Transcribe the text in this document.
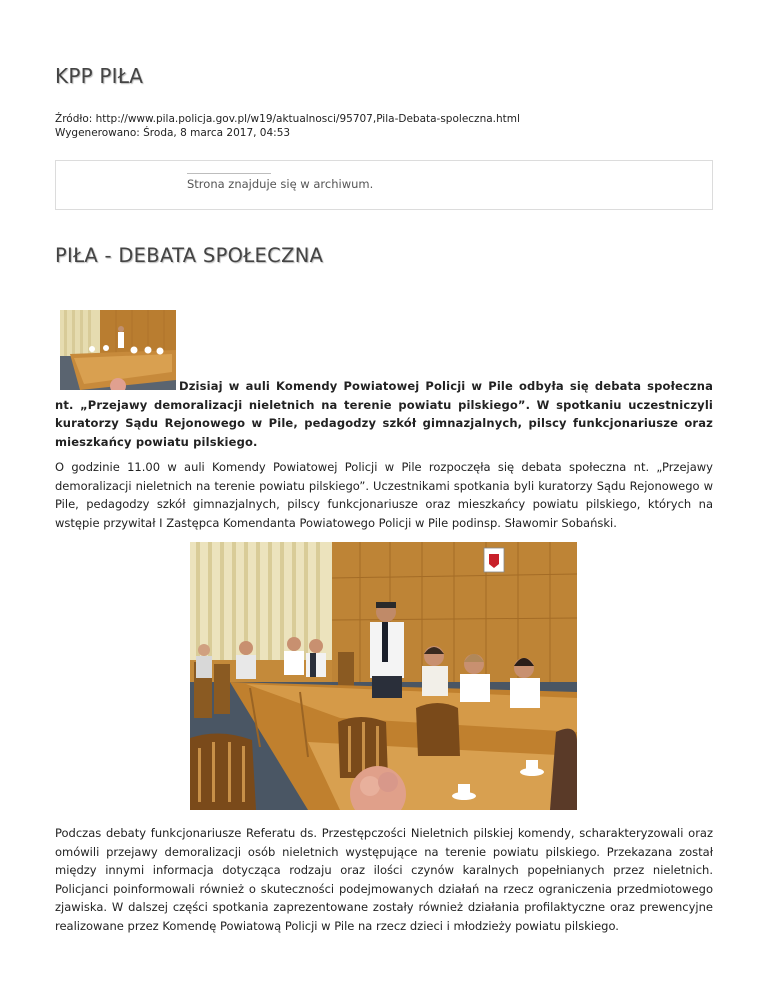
KPP PIŁA
Źródło: http://www.pila.policja.gov.pl/w19/aktualnosci/95707,Pila-Debata-spoleczna.html
Wygenerowano: Środa, 8 marca 2017, 04:53
Strona znajduje się w archiwum.
PIŁA - DEBATA SPOŁECZNA

Dzisiaj w auli Komendy Powiatowej Policji w Pile odbyła się debata społeczna nt. „Przejawy demoralizacji nieletnich na terenie powiatu pilskiego”. W spotkaniu uczestniczyli kuratorzy Sądu Rejonowego w Pile, pedagodzy szkół gimnazjalnych, pilscy funkcjonariusze oraz mieszkańcy powiatu pilskiego.

O godzinie 11.00 w auli Komendy Powiatowej Policji w Pile rozpoczęła się debata społeczna nt. „Przejawy demoralizacji nieletnich na terenie powiatu pilskiego”. Uczestnikami spotkania byli kuratorzy Sądu Rejonowego w Pile, pedagodzy szkół gimnazjalnych, pilscy funkcjonariusze oraz mieszkańcy powiatu pilskiego, których na wstępie przywitał I Zastępca Komendanta Powiatowego Policji w Pile podinsp. Sławomir Sobański.

Podczas debaty funkcjonariusze Referatu ds. Przestępczości Nieletnich pilskiej komendy, scharakteryzowali oraz omówili przejawy demoralizacji osób nieletnich występujące na terenie powiatu pilskiego. Przekazana został między innymi informacja dotycząca rodzaju oraz ilości czynów karalnych popełnianych przez nieletnich. Policjanci poinformowali również o skuteczności podejmowanych działań na rzecz ograniczenia przedmiotowego zjawiska. W dalszej części spotkania zaprezentowane zostały również działania profilaktyczne oraz prewencyjne realizowane przez Komendę Powiatową Policji w Pile na rzecz dzieci i młodzieży powiatu pilskiego.
